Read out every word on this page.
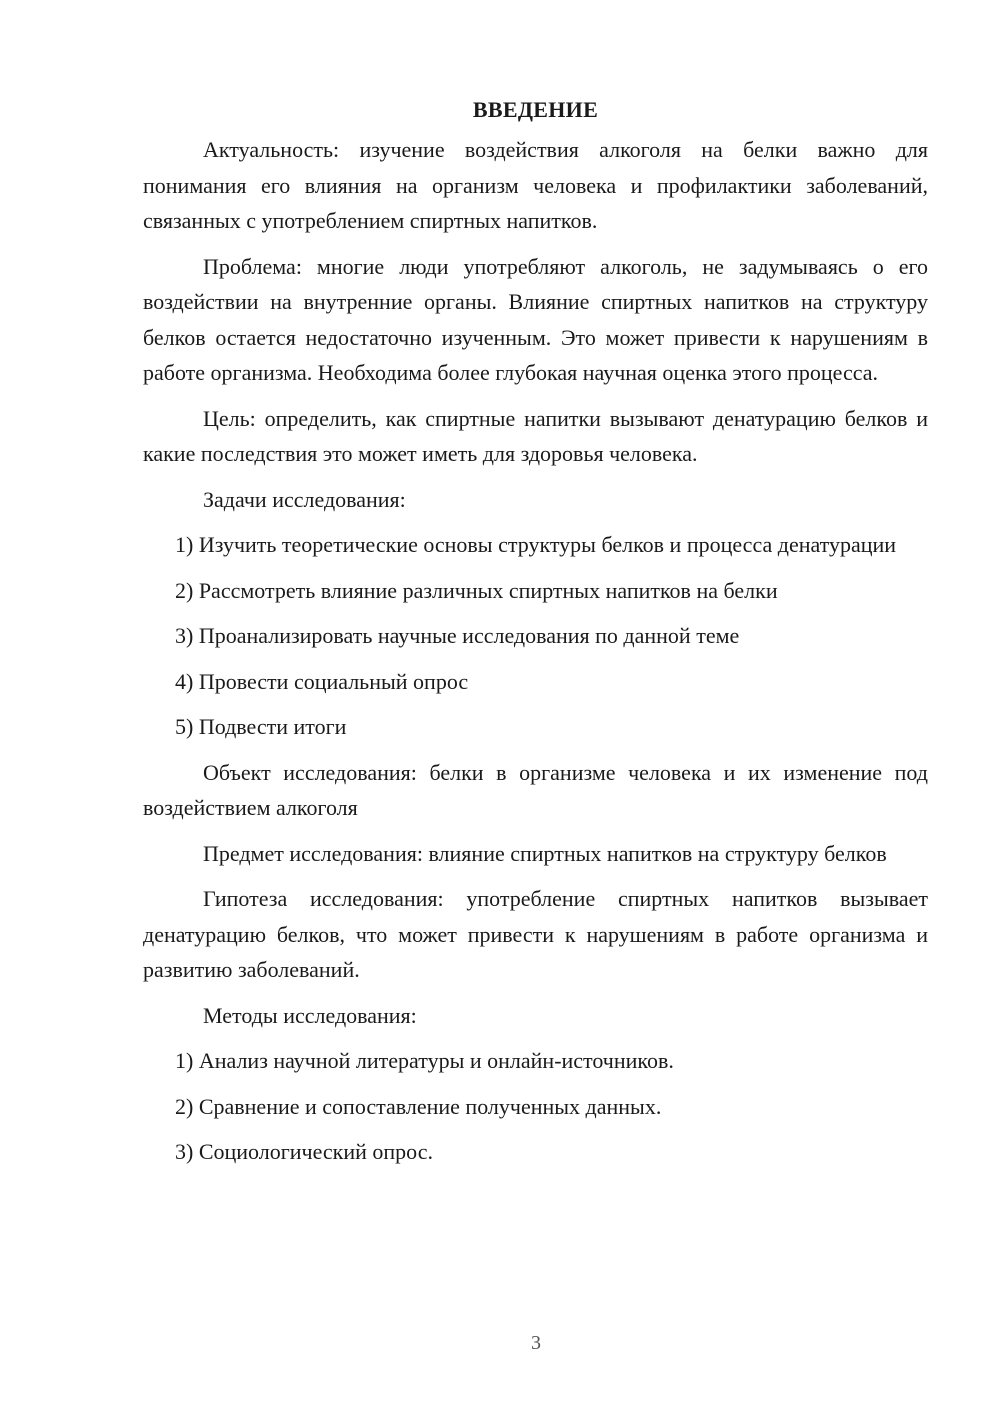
ВВЕДЕНИЕ

Актуальность: изучение воздействия алкоголя на белки важно для понимания его влияния на организм человека и профилактики заболеваний, связанных с употреблением спиртных напитков.

Проблема: многие люди употребляют алкоголь, не задумываясь о его воздействии на внутренние органы. Влияние спиртных напитков на структуру белков остается недостаточно изученным. Это может привести к нарушениям в работе организма. Необходима более глубокая научная оценка этого процесса.

Цель: определить, как спиртные напитки вызывают денатурацию белков и какие последствия это может иметь для здоровья человека.

Задачи исследования:

1) Изучить теоретические основы структуры белков и процесса денатурации

2) Рассмотреть влияние различных спиртных напитков на белки

3) Проанализировать научные исследования по данной теме

4) Провести социальный опрос

5) Подвести итоги

Объект исследования: белки в организме человека и их изменение под воздействием алкоголя

Предмет исследования: влияние спиртных напитков на структуру белков

Гипотеза исследования: употребление спиртных напитков вызывает денатурацию белков, что может привести к нарушениям в работе организма и развитию заболеваний.

Методы исследования:

1) Анализ научной литературы и онлайн-источников.

2) Сравнение и сопоставление полученных данных.

3) Социологический опрос.

3
